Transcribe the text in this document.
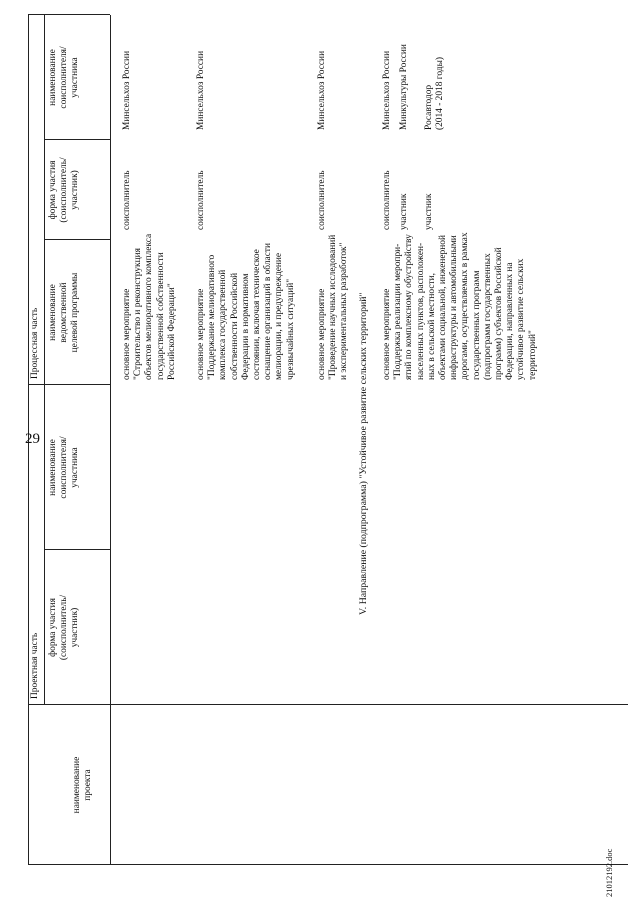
29
наименование проекта
Проектная часть
Процессная часть
форма участия (соисполнитель/ участник)
наименование соисполнителя/ участника
наименование ведомственной целевой программы
форма участия (соисполнитель/ участник)
наименование соисполнителя/ участника
основное мероприятие "Строительство и реконструкция объектов мелиоративного комплекса государственной собственности Российской Федерации"
соисполнитель
Минсельхоз России
основное мероприятие "Поддержание мелиоративного комплекса государственной собственности Российской Федерации в нормативном состоянии, включая техническое оснащение организаций в области мелиорации, и предупреждение чрезвычайных ситуаций"
соисполнитель
Минсельхоз России
основное мероприятие "Проведение научных исследований и экспериментальных разработок"
соисполнитель
Минсельхоз России
V. Направление (подпрограмма) "Устойчивое развитие сельских территорий" основное мероприятие "Поддержка реализации меропри- ятий по комплексному обустройству населенных пунктов, расположен- ных в сельской местности, объектами социальной, инженерной инфраструктуры и автомобильными дорогами, осуществляемых в рамках государственных программ (подпрограмм государственных программ) субъектов Российской Федерации, направленных на устойчивое развитие сельских территорий"
соисполнитель участник участник
Минсельхоз России Минкультуры России Росавтодор (2014 - 2018 годы)
21012192.doc
